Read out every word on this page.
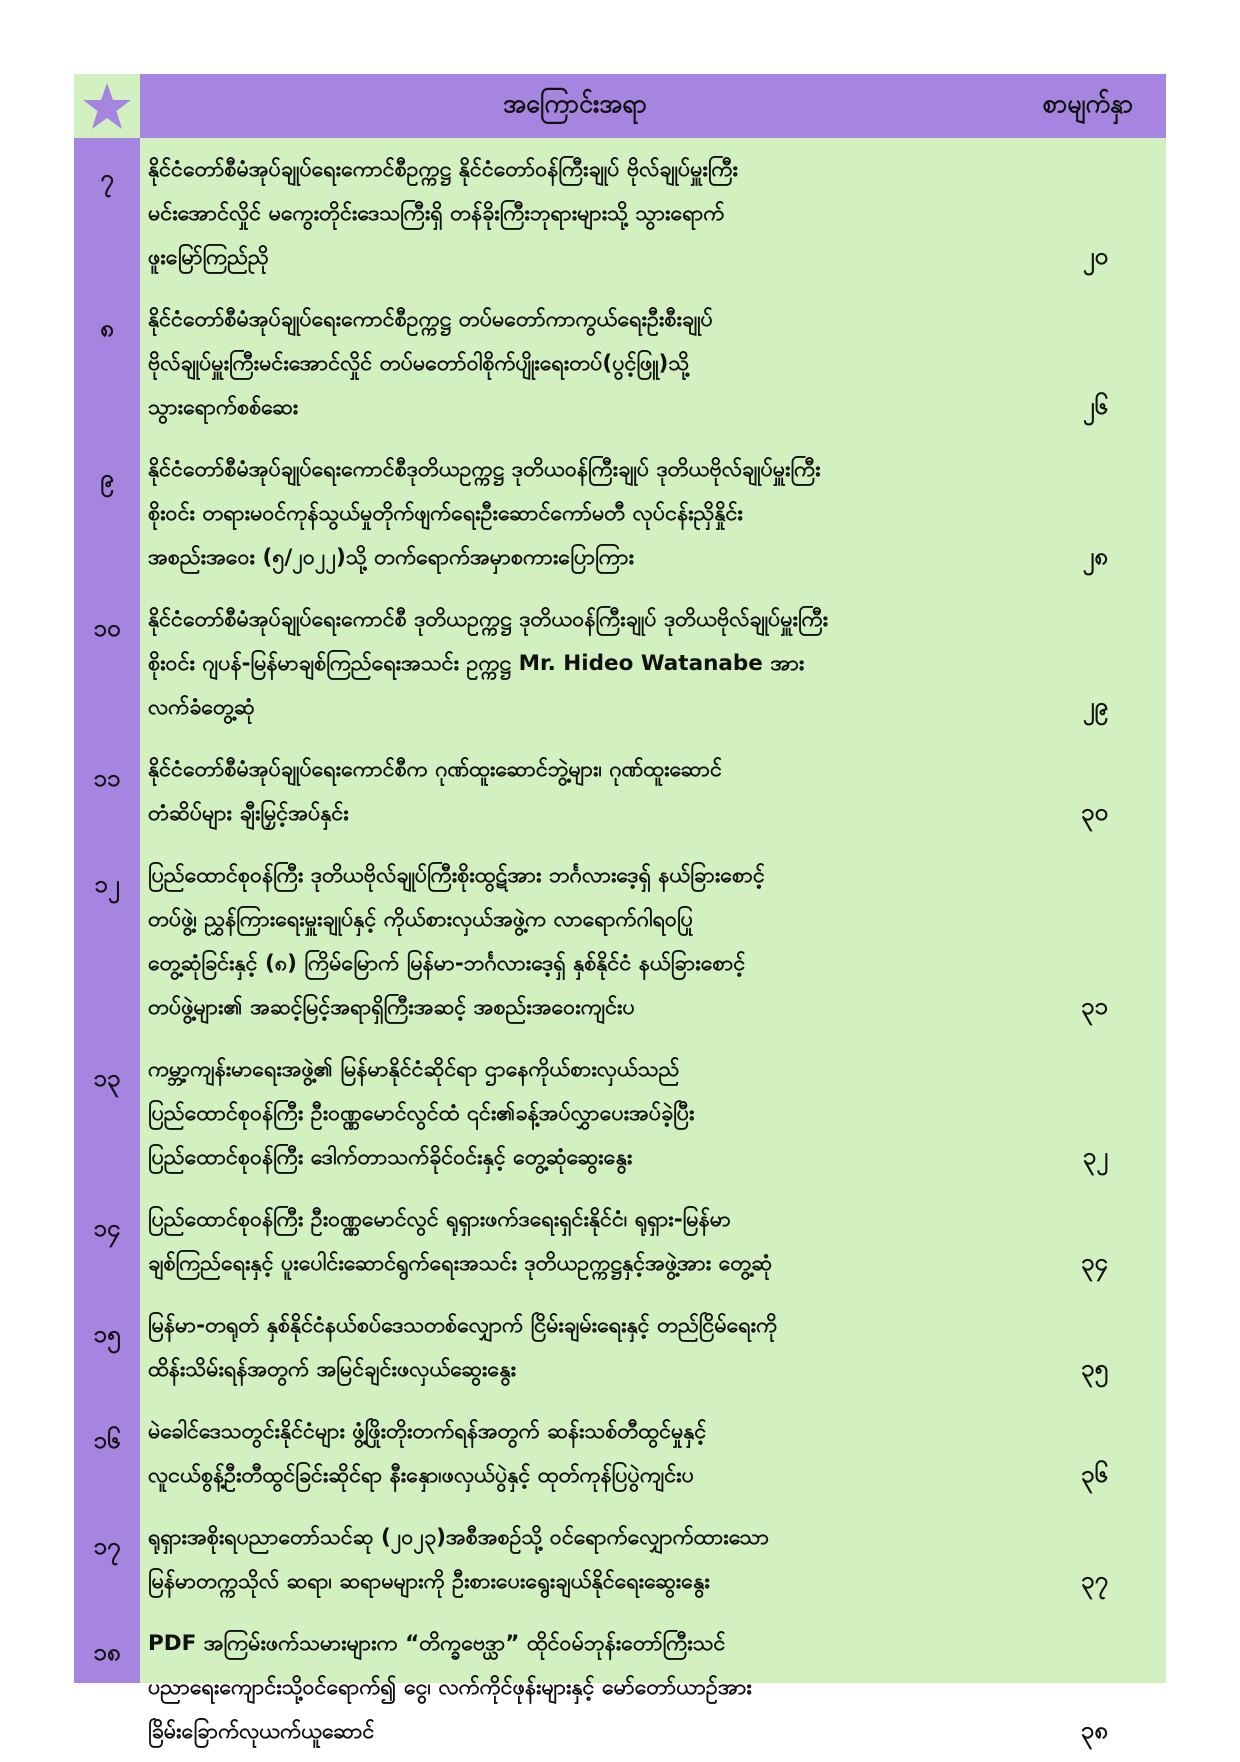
အကြောင်းအရာ	စာမျက်နှာ
၇	နိုင်ငံတော်စီမံအုပ်ချုပ်ရေးကောင်စီဥက္ကဋ္ဌ နိုင်ငံတော်ဝန်ကြီးချုပ် ဗိုလ်ချုပ်မှူးကြီး
မင်းအောင်လှိုင် မကွေးတိုင်းဒေသကြီးရှိ တန်ခိုးကြီးဘုရားများသို့ သွားရောက်
ဖူးမြော်ကြည်ညို	၂၀
၈	နိုင်ငံတော်စီမံအုပ်ချုပ်ရေးကောင်စီဥက္ကဋ္ဌ တပ်မတော်ကာကွယ်ရေးဦးစီးချုပ်
ဗိုလ်ချုပ်မှူးကြီးမင်းအောင်လှိုင် တပ်မတော်ဝါစိုက်ပျိုးရေးတပ်(ပွင့်ဖြူ)သို့
သွားရောက်စစ်ဆေး	၂၆
၉	နိုင်ငံတော်စီမံအုပ်ချုပ်ရေးကောင်စီဒုတိယဥက္ကဋ္ဌ ဒုတိယဝန်ကြီးချုပ် ဒုတိယဗိုလ်ချုပ်မှူးကြီး
စိုးဝင်း တရားမဝင်ကုန်သွယ်မှုတိုက်ဖျက်ရေးဦးဆောင်ကော်မတီ လုပ်ငန်းညှိနှိုင်း
အစည်းအဝေး (၅/၂၀၂၂)သို့ တက်ရောက်အမှာစကားပြောကြား	၂၈
၁၀	နိုင်ငံတော်စီမံအုပ်ချုပ်ရေးကောင်စီ ဒုတိယဥက္ကဋ္ဌ ဒုတိယဝန်ကြီးချုပ် ဒုတိယဗိုလ်ချုပ်မှူးကြီး
စိုးဝင်း ဂျပန်-မြန်မာချစ်ကြည်ရေးအသင်း ဥက္ကဋ္ဌ Mr. Hideo Watanabe အား
လက်ခံတွေ့ဆုံ	၂၉
၁၁	နိုင်ငံတော်စီမံအုပ်ချုပ်ရေးကောင်စီက ဂုဏ်ထူးဆောင်ဘွဲ့များ၊ ဂုဏ်ထူးဆောင်
တံဆိပ်များ ချီးမြှင့်အပ်နှင်း	၃၀
၁၂	ပြည်ထောင်စုဝန်ကြီး ဒုတိယဗိုလ်ချုပ်ကြီးစိုးထွဋ်အား ဘင်္ဂလားဒေ့ရှ် နယ်ခြားစောင့်
တပ်ဖွဲ့၊ ညွှန်ကြားရေးမှူးချုပ်နှင့် ကိုယ်စားလှယ်အဖွဲ့က လာရောက်ဂါရဝပြု
တွေ့ဆုံခြင်းနှင့် (၈) ကြိမ်မြောက် မြန်မာ-ဘင်္ဂလားဒေ့ရှ် နှစ်နိုင်ငံ နယ်ခြားစောင့်
တပ်ဖွဲ့များ၏ အဆင့်မြင့်အရာရှိကြီးအဆင့် အစည်းအဝေးကျင်းပ	၃၁
၁၃	ကမ္ဘာ့ကျန်းမာရေးအဖွဲ့၏ မြန်မာနိုင်ငံဆိုင်ရာ ဌာနေကိုယ်စားလှယ်သည်
ပြည်ထောင်စုဝန်ကြီး ဦးဝဏ္ဏမောင်လွင်ထံ ၎င်း၏ခန့်အပ်လွှာပေးအပ်ခဲ့ပြီး
ပြည်ထောင်စုဝန်ကြီး ဒေါက်တာသက်ခိုင်ဝင်းနှင့် တွေ့ဆုံဆွေးနွေး	၃၂
၁၄	ပြည်ထောင်စုဝန်ကြီး ဦးဝဏ္ဏမောင်လွင် ရုရှားဖက်ဒရေးရှင်းနိုင်ငံ၊ ရုရှား-မြန်မာ
ချစ်ကြည်ရေးနှင့် ပူးပေါင်းဆောင်ရွက်ရေးအသင်း ဒုတိယဥက္ကဋ္ဌနှင့်အဖွဲ့အား တွေ့ဆုံ	၃၄
၁၅	မြန်မာ-တရုတ် နှစ်နိုင်ငံနယ်စပ်ဒေသတစ်လျှောက် ငြိမ်းချမ်းရေးနှင့် တည်ငြိမ်ရေးကို
ထိန်းသိမ်းရန်အတွက် အမြင်ချင်းဖလှယ်ဆွေးနွေး	၃၅
၁၆	မဲခေါင်ဒေသတွင်းနိုင်ငံများ ဖွံ့ဖြိုးတိုးတက်ရန်အတွက် ဆန်းသစ်တီထွင်မှုနှင့်
လူငယ်စွန့်ဦးတီထွင်ခြင်းဆိုင်ရာ နီးနှော၊ဖလှယ်ပွဲနှင့် ထုတ်ကုန်ပြပွဲကျင်းပ	၃၆
၁၇	ရုရှားအစိုးရပညာတော်သင်ဆု (၂၀၂၃)အစီအစဉ်သို့ ဝင်ရောက်လျှောက်ထားသော
မြန်မာတက္ကသိုလ် ဆရာ၊ ဆရာမများကို ဦးစားပေးရွေးချယ်နိုင်ရေးဆွေးနွေး	၃၇
၁၈	PDF အကြမ်းဖက်သမားများက “တိက္ခဗေဒ္ယာ” ထိုင်ဝမ်ဘုန်းတော်ကြီးသင်
ပညာရေးကျောင်းသို့ဝင်ရောက်၍ ငွေ၊ လက်ကိုင်ဖုန်းများနှင့် မော်တော်ယာဉ်အား
ခြိမ်းခြောက်လုယက်ယူဆောင်	၃၈
